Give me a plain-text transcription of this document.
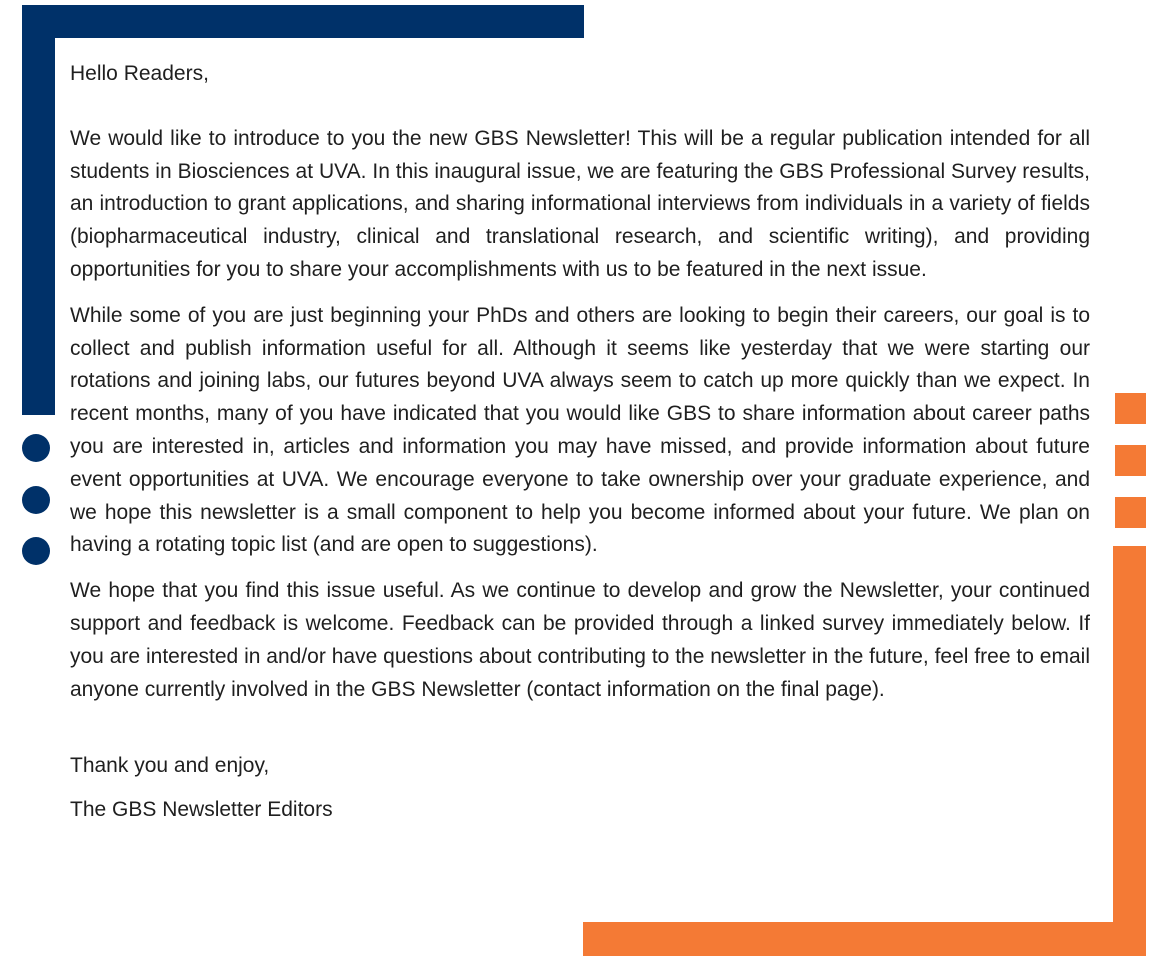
Hello Readers,

We would like to introduce to you the new GBS Newsletter! This will be a regular publication intended for all students in Biosciences at UVA. In this inaugural issue, we are featuring the GBS Professional Survey results, an introduction to grant applications, and sharing informational interviews from individuals in a variety of fields (biopharmaceutical industry, clinical and translational research, and scientific writing), and providing opportunities for you to share your accomplishments with us to be featured in the next issue.

While some of you are just beginning your PhDs and others are looking to begin their careers, our goal is to collect and publish information useful for all. Although it seems like yesterday that we were starting our rotations and joining labs, our futures beyond UVA always seem to catch up more quickly than we expect. In recent months, many of you have indicated that you would like GBS to share information about career paths you are interested in, articles and information you may have missed, and provide information about future event opportunities at UVA. We encourage everyone to take ownership over your graduate experience, and we hope this newsletter is a small component to help you become informed about your future. We plan on having a rotating topic list (and are open to suggestions).

We hope that you find this issue useful. As we continue to develop and grow the Newsletter, your continued support and feedback is welcome. Feedback can be provided through a linked survey immediately below. If you are interested in and/or have questions about contributing to the newsletter in the future, feel free to email anyone currently involved in the GBS Newsletter (contact information on the final page).

Thank you and enjoy,

The GBS Newsletter Editors
